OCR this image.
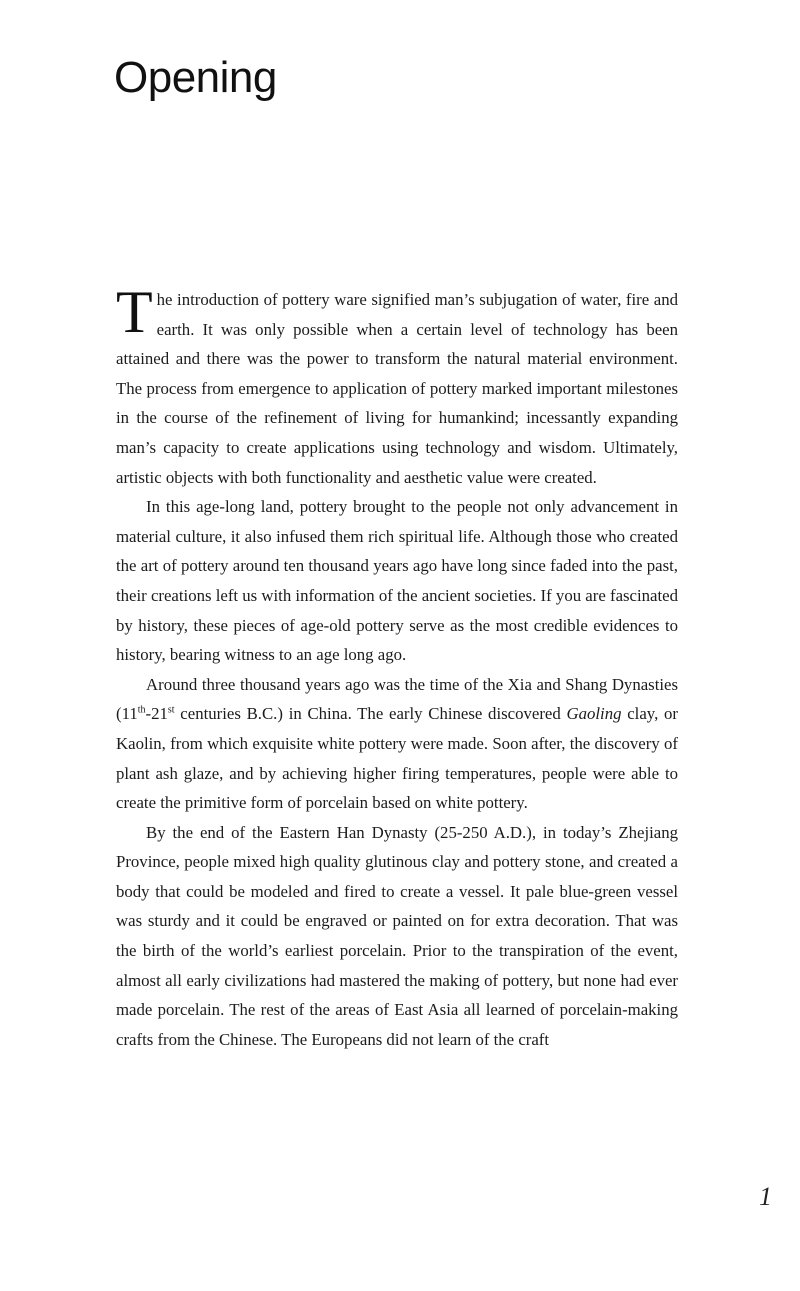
Opening

The introduction of pottery ware signified man’s subjugation of water, fire and earth. It was only possible when a certain level of technology has been attained and there was the power to transform the natural material environment. The process from emergence to application of pottery marked important milestones in the course of the refinement of living for humankind; incessantly expanding man’s capacity to create applications using technology and wisdom. Ultimately, artistic objects with both functionality and aesthetic value were created.

In this age-long land, pottery brought to the people not only advancement in material culture, it also infused them rich spiritual life. Although those who created the art of pottery around ten thousand years ago have long since faded into the past, their creations left us with information of the ancient societies. If you are fascinated by history, these pieces of age-old pottery serve as the most credible evidences to history, bearing witness to an age long ago.

Around three thousand years ago was the time of the Xia and Shang Dynasties (11th-21st centuries B.C.) in China. The early Chinese discovered Gaoling clay, or Kaolin, from which exquisite white pottery were made. Soon after, the discovery of plant ash glaze, and by achieving higher firing temperatures, people were able to create the primitive form of porcelain based on white pottery.

By the end of the Eastern Han Dynasty (25-250 A.D.), in today’s Zhejiang Province, people mixed high quality glutinous clay and pottery stone, and created a body that could be modeled and fired to create a vessel. It pale blue-green vessel was sturdy and it could be engraved or painted on for extra decoration. That was the birth of the world’s earliest porcelain. Prior to the transpiration of the event, almost all early civilizations had mastered the making of pottery, but none had ever made porcelain. The rest of the areas of East Asia all learned of porcelain-making crafts from the Chinese. The Europeans did not learn of the craft

1
